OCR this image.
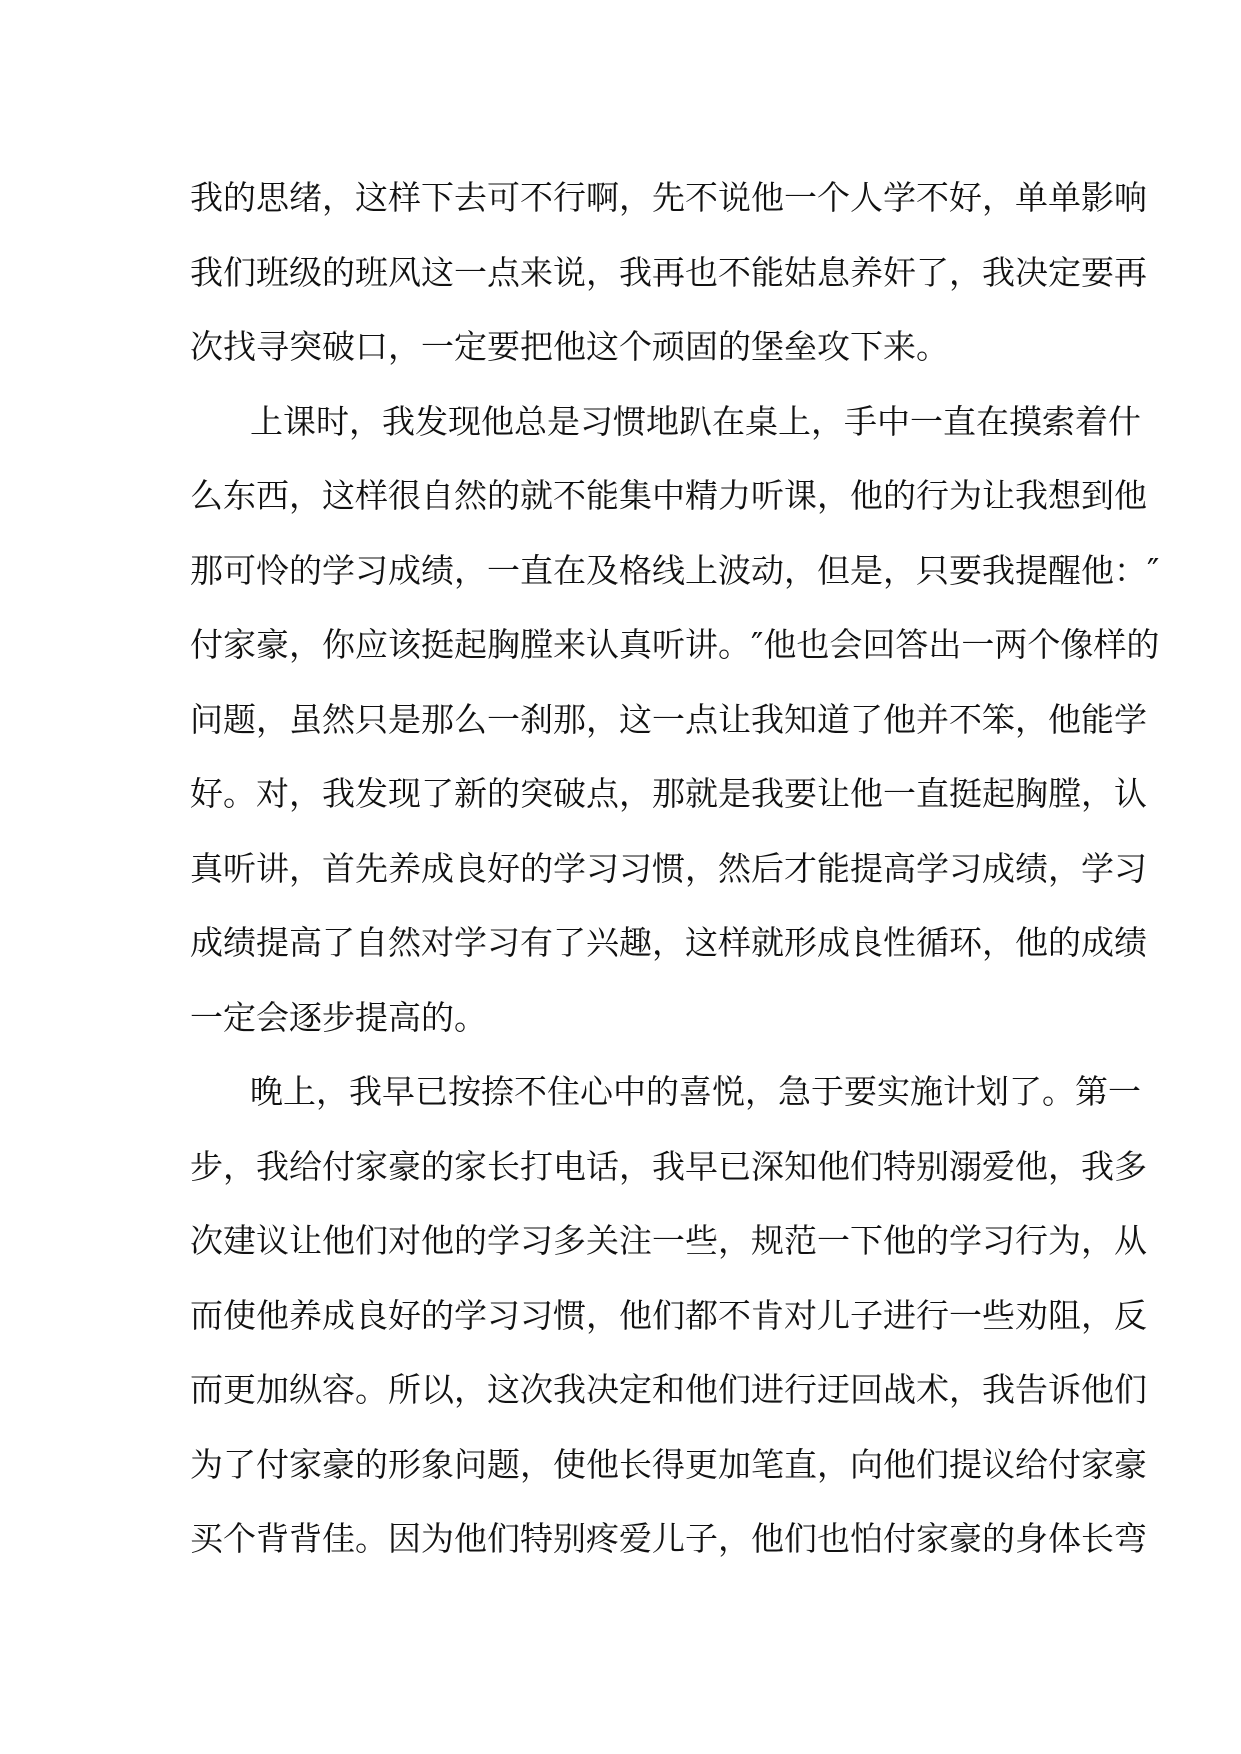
我的思绪，这样下去可不行啊，先不说他一个人学不好，单单影响
我们班级的班风这一点来说，我再也不能姑息养奸了，我决定要再
次找寻突破口，一定要把他这个顽固的堡垒攻下来。
上课时，我发现他总是习惯地趴在桌上，手中一直在摸索着什
么东西，这样很自然的就不能集中精力听课，他的行为让我想到他
那可怜的学习成绩，一直在及格线上波动，但是，只要我提醒他：″
付家豪，你应该挺起胸膛来认真听讲。″他也会回答出一两个像样的
问题，虽然只是那么一刹那，这一点让我知道了他并不笨，他能学
好。对，我发现了新的突破点，那就是我要让他一直挺起胸膛，认
真听讲，首先养成良好的学习习惯，然后才能提高学习成绩，学习
成绩提高了自然对学习有了兴趣，这样就形成良性循环，他的成绩
一定会逐步提高的。
晚上，我早已按捺不住心中的喜悦，急于要实施计划了。第一
步，我给付家豪的家长打电话，我早已深知他们特别溺爱他，我多
次建议让他们对他的学习多关注一些，规范一下他的学习行为，从
而使他养成良好的学习习惯，他们都不肯对儿子进行一些劝阻，反
而更加纵容。所以，这次我决定和他们进行迂回战术，我告诉他们
为了付家豪的形象问题，使他长得更加笔直，向他们提议给付家豪
买个背背佳。因为他们特别疼爱儿子，他们也怕付家豪的身体长弯
